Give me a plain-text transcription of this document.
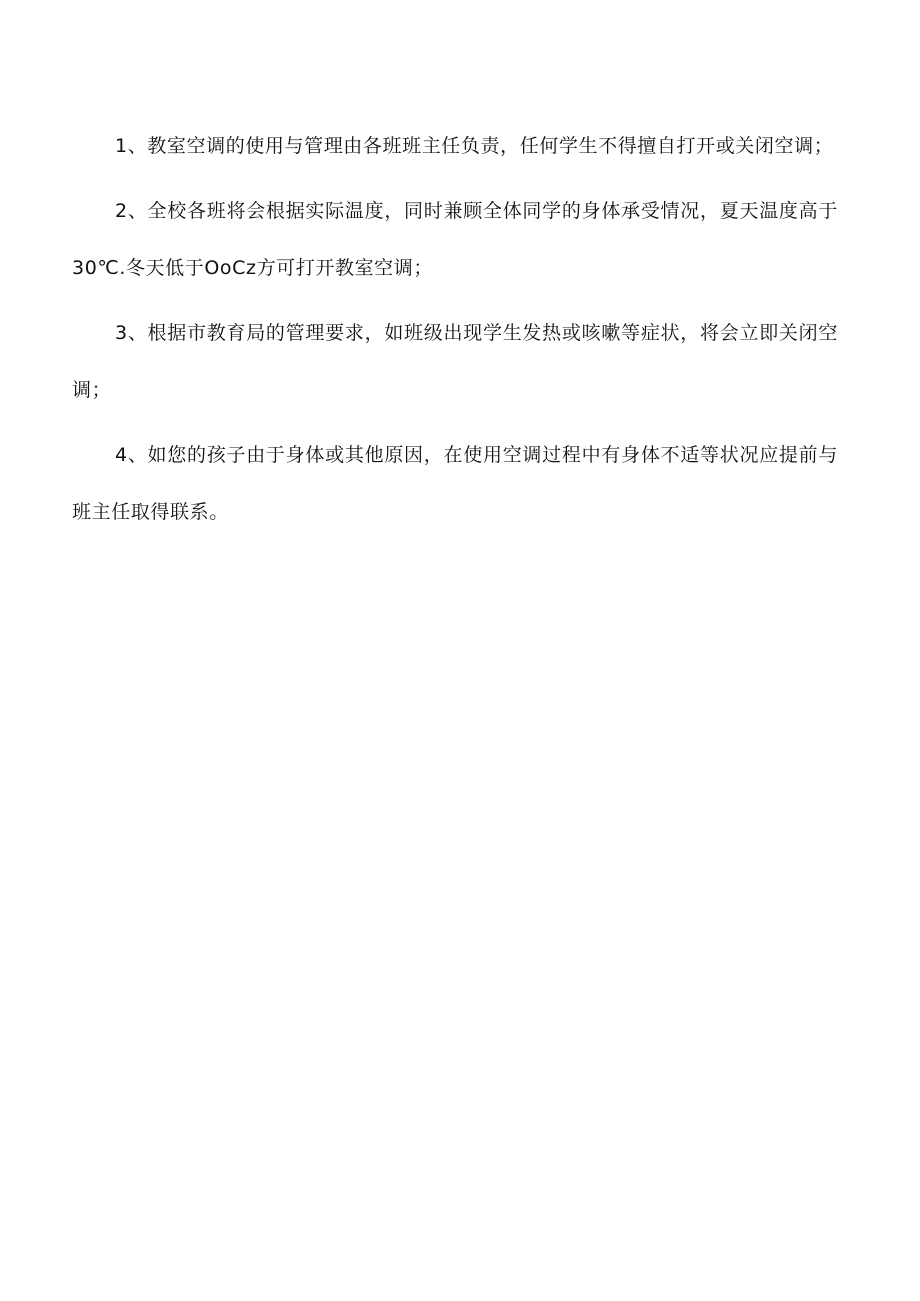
1、教室空调的使用与管理由各班班主任负责，任何学生不得擅自打开或关闭空调；

2、全校各班将会根据实际温度，同时兼顾全体同学的身体承受情况，夏天温度高于30℃.冬天低于OoCz方可打开教室空调；

3、根据市教育局的管理要求，如班级出现学生发热或咳嗽等症状，将会立即关闭空调；

4、如您的孩子由于身体或其他原因，在使用空调过程中有身体不适等状况应提前与班主任取得联系。
